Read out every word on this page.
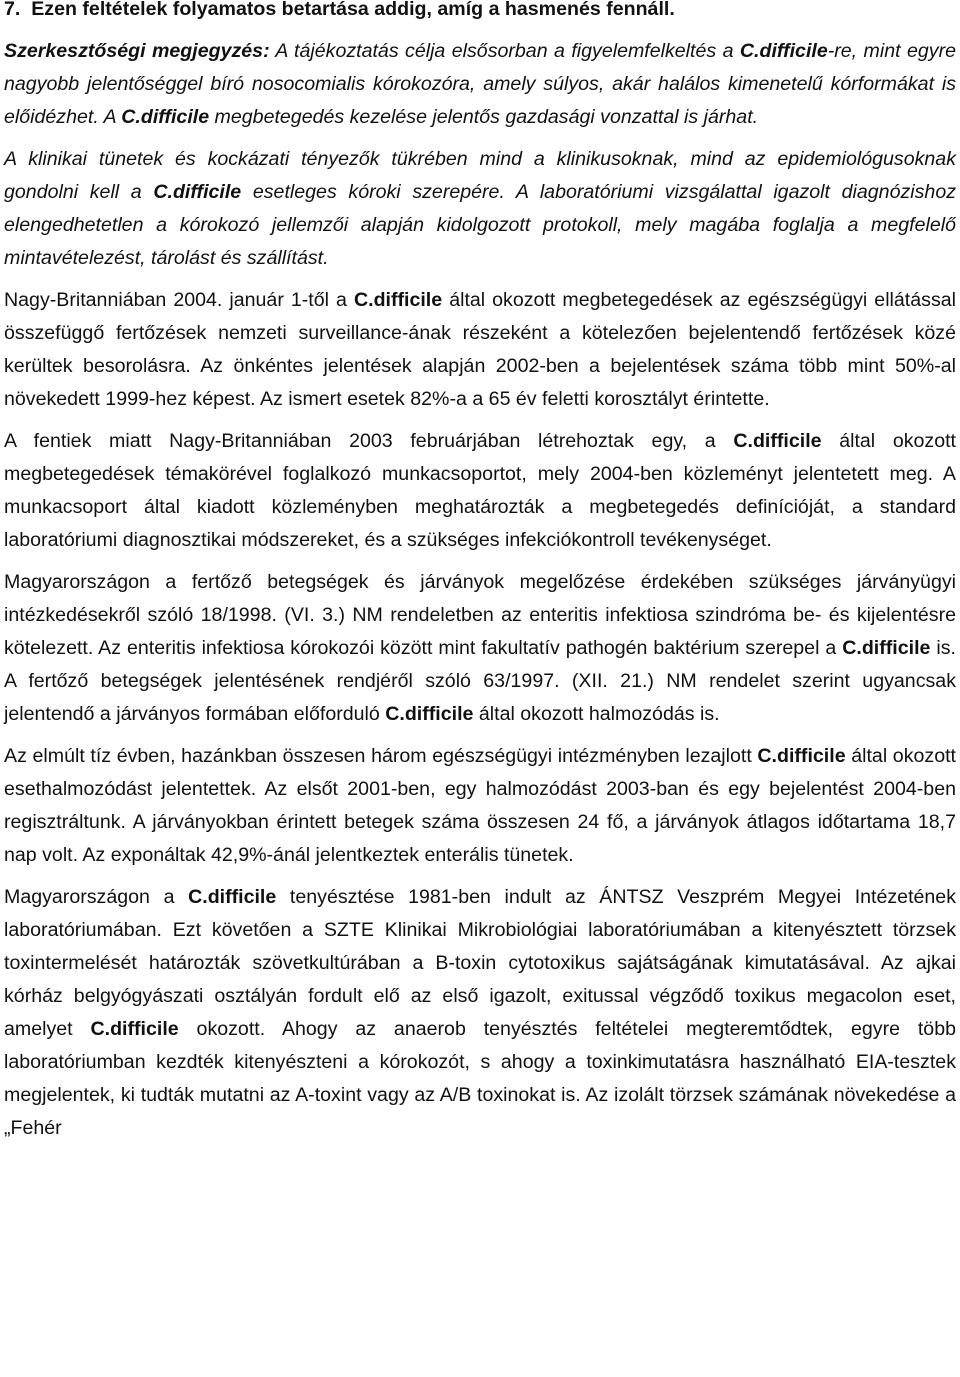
7. Ezen feltételek folyamatos betartása addig, amíg a hasmenés fennáll.

Szerkesztőségi megjegyzés: A tájékoztatás célja elsősorban a figyelemfelkeltés a C.difficile-re, mint egyre nagyobb jelentőséggel bíró nosocomialis kórokozóra, amely súlyos, akár halálos kimenetelű kórformákat is előidézhet. A C.difficile megbetegedés kezelése jelentős gazdasági vonzattal is járhat.

A klinikai tünetek és kockázati tényezők tükrében mind a klinikusoknak, mind az epidemiológusoknak gondolni kell a C.difficile esetleges kóroki szerepére. A laboratóriumi vizsgálattal igazolt diagnózishoz elengedhetetlen a kórokozó jellemzői alapján kidolgozott protokoll, mely magába foglalja a megfelelő mintavételezést, tárolást és szállítást.

Nagy-Britanniában 2004. január 1-től a C.difficile által okozott megbetegedések az egészségügyi ellátással összefüggő fertőzések nemzeti surveillance-ának részeként a kötelezően bejelentendő fertőzések közé kerültek besorolásra. Az önkéntes jelentések alapján 2002-ben a bejelentések száma több mint 50%-al növekedett 1999-hez képest. Az ismert esetek 82%-a a 65 év feletti korosztályt érintette.

A fentiek miatt Nagy-Britanniában 2003 februárjában létrehoztak egy, a C.difficile által okozott megbetegedések témakörével foglalkozó munkacsoportot, mely 2004-ben közleményt jelentetett meg. A munkacsoport által kiadott közleményben meghatározták a megbetegedés definícióját, a standard laboratóriumi diagnosztikai módszereket, és a szükséges infekciókontroll tevékenységet.

Magyarországon a fertőző betegségek és járványok megelőzése érdekében szükséges járványügyi intézkedésekről szóló 18/1998. (VI. 3.) NM rendeletben az enteritis infektiosa szindróma be- és kijelentésre kötelezett. Az enteritis infektiosa kórokozói között mint fakultatív pathogén baktérium szerepel a C.difficile is. A fertőző betegségek jelentésének rendjéről szóló 63/1997. (XII. 21.) NM rendelet szerint ugyancsak jelentendő a járványos formában előforduló C.difficile által okozott halmozódás is.

Az elmúlt tíz évben, hazánkban összesen három egészségügyi intézményben lezajlott C.difficile által okozott esethalmozódást jelentettek. Az elsőt 2001-ben, egy halmozódást 2003-ban és egy bejelentést 2004-ben regisztráltunk. A járványokban érintett betegek száma összesen 24 fő, a járványok átlagos időtartama 18,7 nap volt. Az exponáltak 42,9%-ánál jelentkeztek enterális tünetek.

Magyarországon a C.difficile tenyésztése 1981-ben indult az ÁNTSZ Veszprém Megyei Intézetének laboratóriumában. Ezt követően a SZTE Klinikai Mikrobiológiai laboratóriumában a kitenyésztett törzsek toxintermelését határozták szövetkultúrában a B-toxin cytotoxikus sajátságának kimutatásával. Az ajkai kórház belgyógyászati osztályán fordult elő az első igazolt, exitussal végződő toxikus megacolon eset, amelyet C.difficile okozott. Ahogy az anaerob tenyésztés feltételei megteremtődtek, egyre több laboratóriumban kezdték kitenyészteni a kórokozót, s ahogy a toxinkimutatásra használható EIA-tesztek megjelentek, ki tudták mutatni az A-toxint vagy az A/B toxinokat is. Az izolált törzsek számának növekedése a „Fehér
